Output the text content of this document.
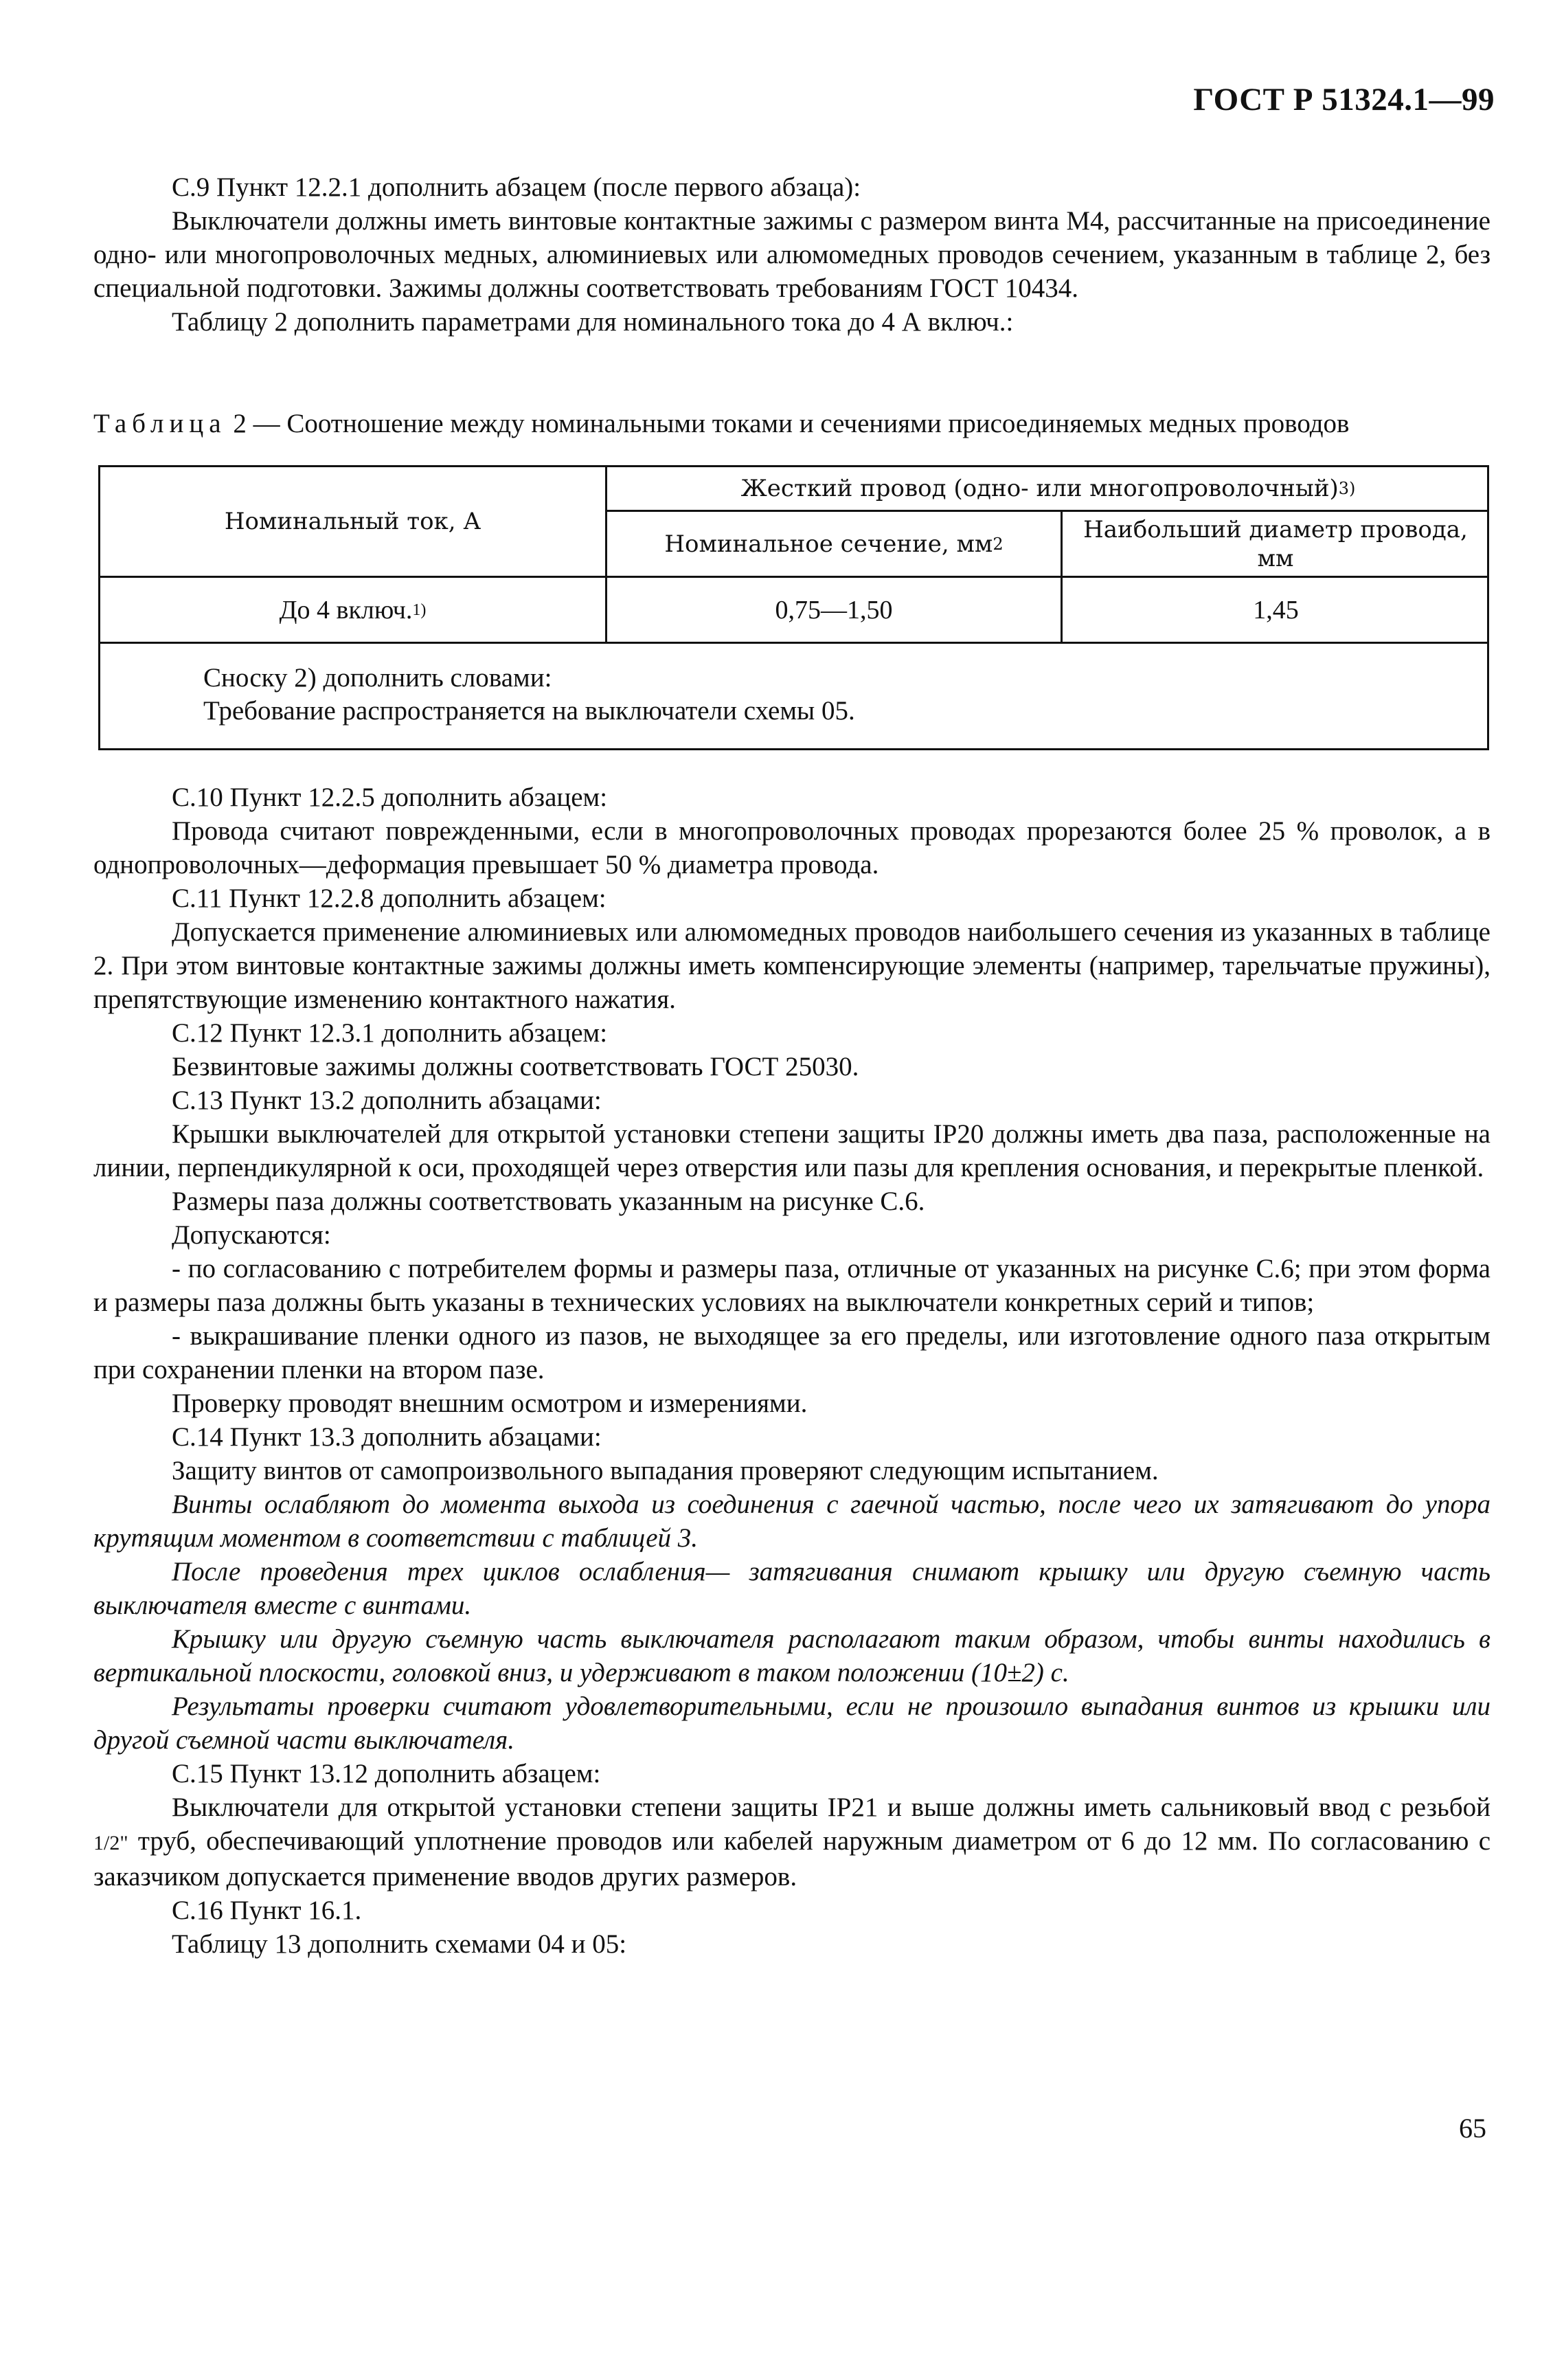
ГОСТ Р 51324.1—99

С.9 Пункт 12.2.1 дополнить абзацем (после первого абзаца):

Выключатели должны иметь винтовые контактные зажимы с размером винта М4, рассчитанные на присоединение одно- или многопроволочных медных, алюминиевых или алюмомедных проводов сечением, указанным в таблице 2, без специальной подготовки. Зажимы должны соответствовать требованиям ГОСТ 10434.

Таблицу 2 дополнить параметрами для номинального тока до 4 А включ.:

Таблица 2 — Соотношение между номинальными токами и сечениями присоединяемых медных проводов
Номинальный ток, А
Жесткий провод (одно- или многопроволочный) 3)
Номинальное сечение, мм 2
Наибольший диаметр провода, мм
До 4 включ. 1)	0,75—1,50	1,45
Сноску 2) дополнить словами:
Требование распространяется на выключатели схемы 05.

С.10 Пункт 12.2.5 дополнить абзацем:

Провода считают поврежденными, если в многопроволочных проводах прорезаются более 25 % проволок, а в однопроволочных—деформация превышает 50 % диаметра провода.

С.11 Пункт 12.2.8 дополнить абзацем:

Допускается применение алюминиевых или алюмомедных проводов наибольшего сечения из указанных в таблице 2. При этом винтовые контактные зажимы должны иметь компенсирующие элементы (например, тарельчатые пружины), препятствующие изменению контактного нажатия.

С.12 Пункт 12.3.1 дополнить абзацем:

Безвинтовые зажимы должны соответствовать ГОСТ 25030.

С.13 Пункт 13.2 дополнить абзацами:

Крышки выключателей для открытой установки степени защиты IP20 должны иметь два паза, расположенные на линии, перпендикулярной к оси, проходящей через отверстия или пазы для крепления основания, и перекрытые пленкой.

Размеры паза должны соответствовать указанным на рисунке С.6.

Допускаются:

- по согласованию с потребителем формы и размеры паза, отличные от указанных на рисунке С.6; при этом форма и размеры паза должны быть указаны в технических условиях на выключатели конкретных серий и типов;

- выкрашивание пленки одного из пазов, не выходящее за его пределы, или изготовление одного паза открытым при сохранении пленки на втором пазе.

Проверку проводят внешним осмотром и измерениями.

С.14 Пункт 13.3 дополнить абзацами:

Защиту винтов от самопроизвольного выпадания проверяют следующим испытанием.

Винты ослабляют до момента выхода из соединения с гаечной частью, после чего их затягивают до упора крутящим моментом в соответствии с таблицей 3.

После проведения трех циклов ослабления— затягивания снимают крышку или другую съемную часть выключателя вместе с винтами.

Крышку или другую съемную часть выключателя располагают таким образом, чтобы винты находились в вертикальной плоскости, головкой вниз, и удерживают в таком положении (10±2) с.

Результаты проверки считают удовлетворительными, если не произошло выпадания винтов из крышки или другой съемной части выключателя.

С.15 Пункт 13.12 дополнить абзацем:

Выключатели для открытой установки степени защиты IP21 и выше должны иметь сальниковый ввод с резьбой 1/2" труб, обеспечивающий уплотнение проводов или кабелей наружным диаметром от 6 до 12 мм. По согласованию с заказчиком допускается применение вводов других размеров.

С.16 Пункт 16.1.

Таблицу 13 дополнить схемами 04 и 05:

65
